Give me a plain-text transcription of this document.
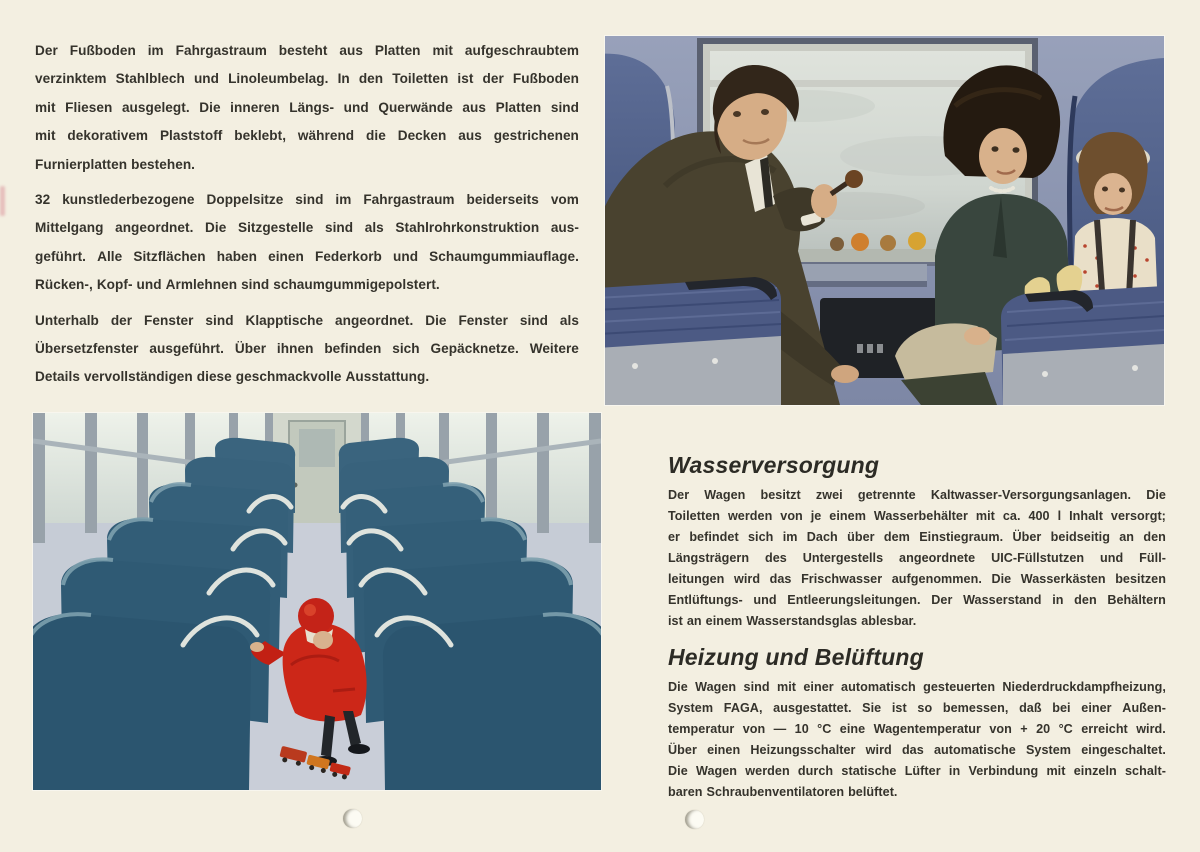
Der Fußboden im Fahrgastraum besteht aus Platten mit aufgeschraubtem
verzinktem Stahlblech und Linoleumbelag. In den Toiletten ist der Fußboden
mit Fliesen ausgelegt. Die inneren Längs- und Querwände aus Platten sind
mit dekorativem Plaststoff beklebt, während die Decken aus gestrichenen
Furnierplatten bestehen.
32 kunstlederbezogene Doppelsitze sind im Fahrgastraum beiderseits vom
Mittelgang angeordnet. Die Sitzgestelle sind als Stahlrohrkonstruktion aus-
geführt. Alle Sitzflächen haben einen Federkorb und Schaumgummiauflage.
Rücken-, Kopf- und Armlehnen sind schaumgummigepolstert.
Unterhalb der Fenster sind Klapptische angeordnet. Die Fenster sind als
Übersetzfenster ausgeführt. Über ihnen befinden sich Gepäcknetze. Weitere
Details vervollständigen diese geschmackvolle Ausstattung.
Wasserversorgung
Der Wagen besitzt zwei getrennte Kaltwasser-Versorgungsanlagen. Die
Toiletten werden von je einem Wasserbehälter mit ca. 400 l Inhalt versorgt;
er befindet sich im Dach über dem Einstiegraum. Über beidseitig an den
Längsträgern des Untergestells angeordnete UIC-Füllstutzen und Füll-
leitungen wird das Frischwasser aufgenommen. Die Wasserkästen besitzen
Entlüftungs- und Entleerungsleitungen. Der Wasserstand in den Behältern
ist an einem Wasserstandsglas ablesbar.
Heizung und Belüftung
Die Wagen sind mit einer automatisch gesteuerten Niederdruckdampfheizung,
System FAGA, ausgestattet. Sie ist so bemessen, daß bei einer Außen-
temperatur von — 10 °C eine Wagentemperatur von + 20 °C erreicht wird.
Über einen Heizungsschalter wird das automatische System eingeschaltet.
Die Wagen werden durch statische Lüfter in Verbindung mit einzeln schalt-
baren Schraubenventilatoren belüftet.
